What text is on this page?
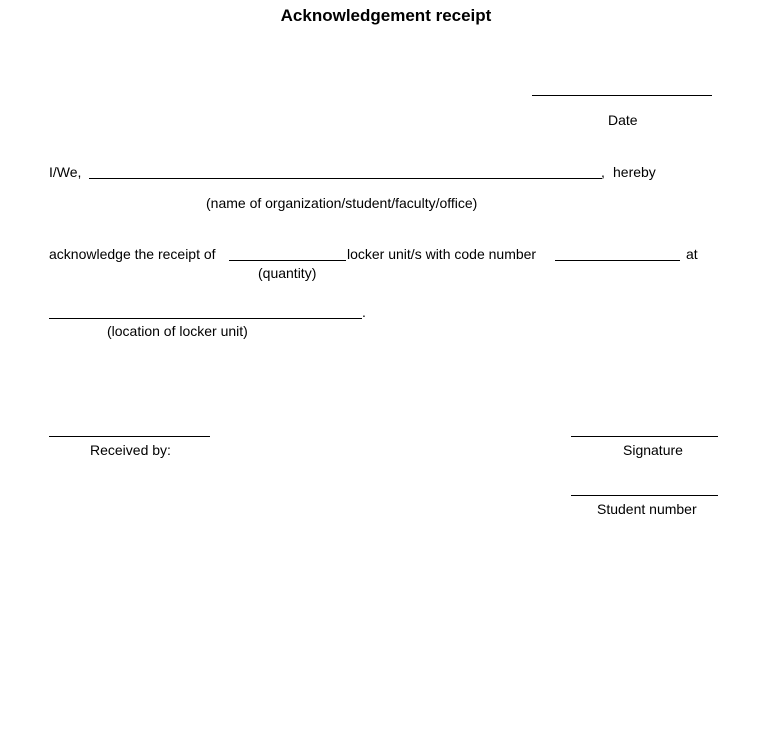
Acknowledgement receipt
Date
I/We,	, hereby
(name of organization/student/faculty/office)
acknowledge the receipt of	locker unit/s with code number	at
(quantity)
.
(location of locker unit)
Received by:	Signature
Student number
